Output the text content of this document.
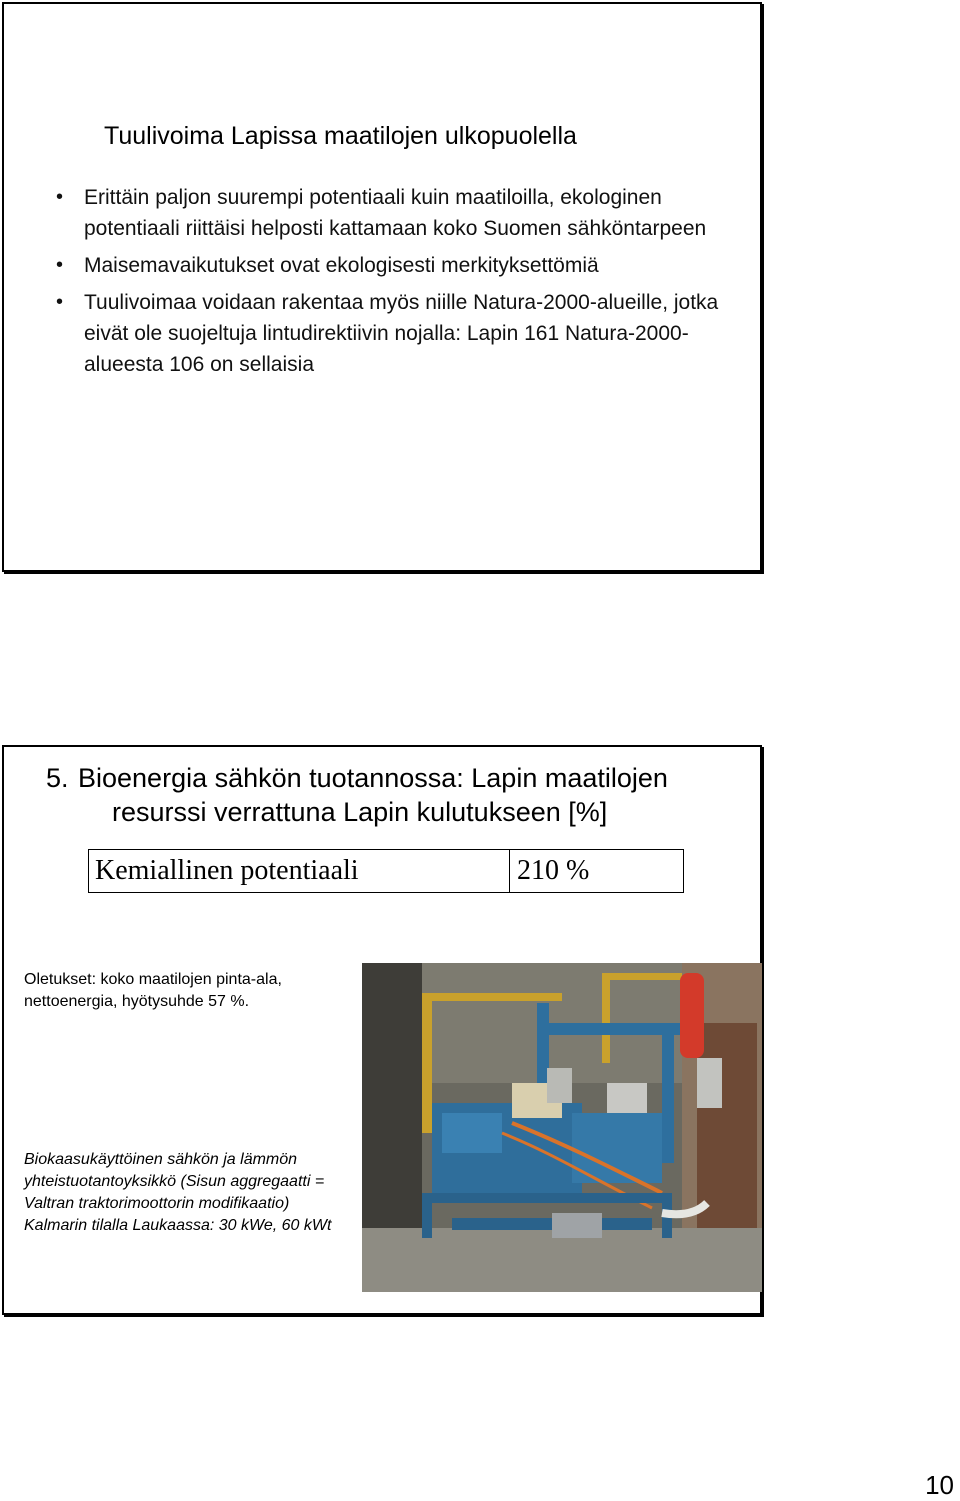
Tuulivoima Lapissa maatilojen ulkopuolella
• Erittäin paljon suurempi potentiaali kuin maatiloilla, ekologinen potentiaali riittäisi helposti kattamaan koko Suomen sähköntarpeen
• Maisemavaikutukset ovat ekologisesti merkityksettömiä
• Tuulivoimaa voidaan rakentaa myös niille Natura-2000-alueille, jotka eivät ole suojeltuja lintudirektiivin nojalla: Lapin 161 Natura-2000-alueesta 106 on sellaisia
5. Bioenergia sähkön tuotannossa: Lapin maatilojen
resurssi verrattuna Lapin kulutukseen [%]
Kemiallinen potentiaali	210 %
Oletukset: koko maatilojen pinta-ala, nettoenergia, hyötysuhde 57 %.
Biokaasukäyttöinen sähkön ja lämmön yhteistuotantoyksikkö (Sisun aggregaatti = Valtran traktorimoottorin modifikaatio) Kalmarin tilalla Laukaassa: 30 kWe, 60 kWt
10
